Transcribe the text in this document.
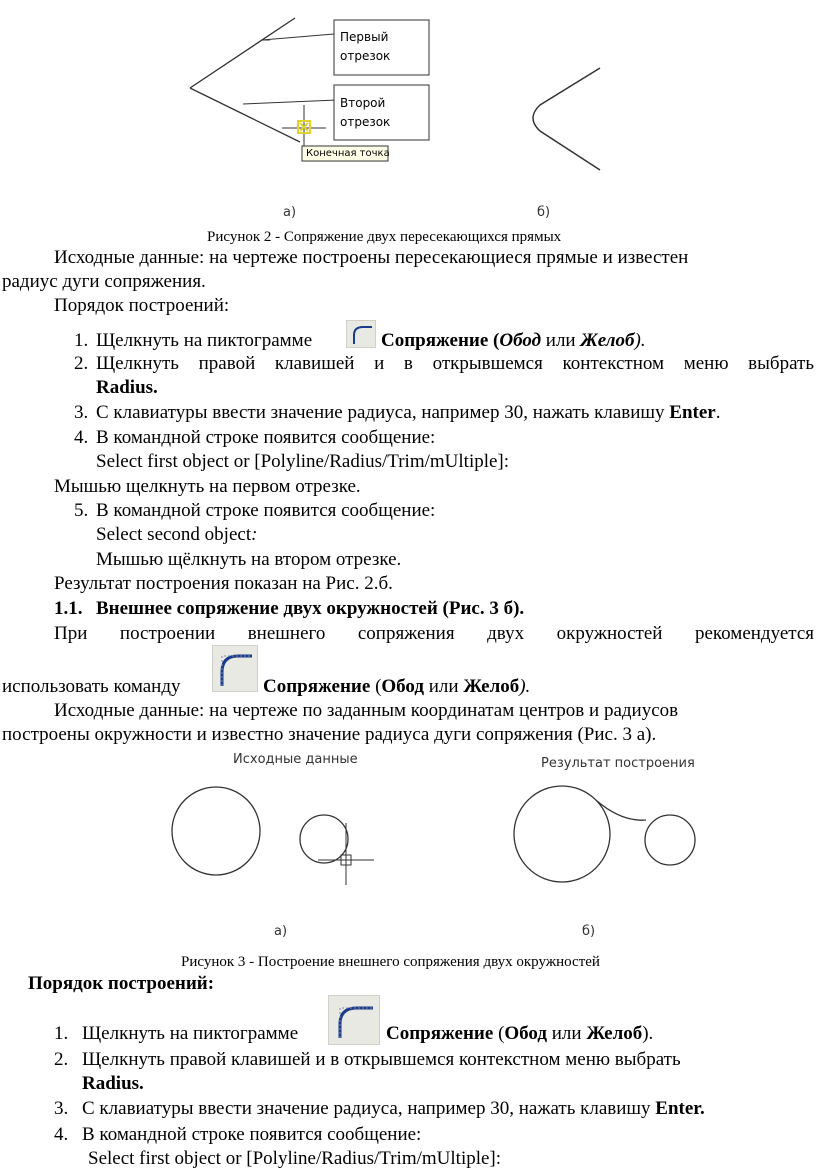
Первый
отрезок
Второй
отрезок
Конечная точка
а)	б)
Рисунок 2 - Сопряжение двух пересекающихся прямых
Исходные данные: на чертеже построены пересекающиеся прямые и известен
радиус дуги сопряжения.
Порядок построений:
1. Щелкнуть на пиктограмме	Сопряжение (Обод или Желоб).
2. Щелкнуть правой клавишей и в открывшемся контекстном меню выбрать
Radius.
3. С клавиатуры ввести значение радиуса, например 30, нажать клавишу Enter.
4. В командной строке появится сообщение:
Select first object or [Polyline/Radius/Trim/mUltiple]:
Мышью щелкнуть на первом отрезке.
5. В командной строке появится сообщение:
Select second object:
Мышью щёлкнуть на втором отрезке.
Результат построения показан на Рис. 2.б.
1.1. Внешнее сопряжение двух окружностей (Рис. 3 б).
При построении внешнего сопряжения двух окружностей рекомендуется
использовать команду	Сопряжение (Обод или Желоб).
Исходные данные: на чертеже по заданным координатам центров и радиусов
построены окружности и известно значение радиуса дуги сопряжения (Рис. 3 а).
Исходные данные	Результат построения
а)	б)
Рисунок 3 - Построение внешнего сопряжения двух окружностей
Порядок построений:
1. Щелкнуть на пиктограмме	Сопряжение (Обод или Желоб).
2. Щелкнуть правой клавишей и в открывшемся контекстном меню выбрать
Radius.
3. С клавиатуры ввести значение радиуса, например 30, нажать клавишу Enter.
4. В командной строке появится сообщение:
Select first object or [Polyline/Radius/Trim/mUltiple]:
